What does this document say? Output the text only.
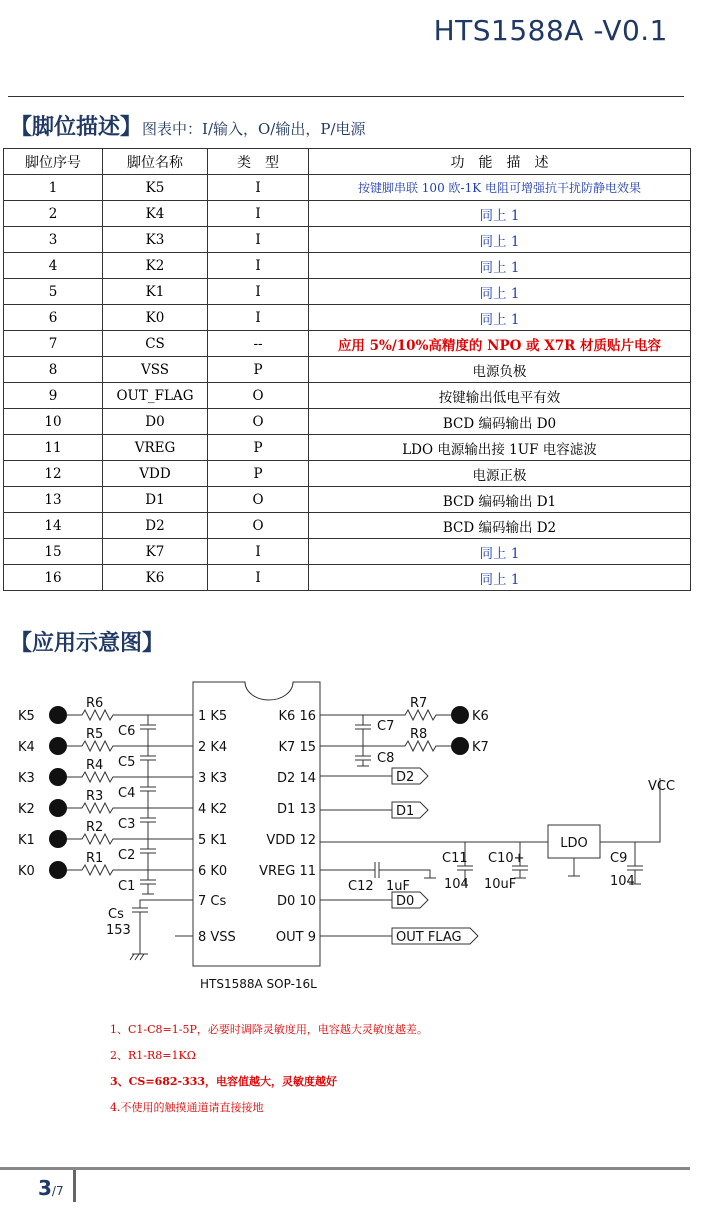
HTS1588A -V0.1
【脚位描述】图表中：I/输入，O/输出，P/电源
脚位序号	脚位名称	类　型	功　能　描　述
1	K5	I	按键脚串联 100 欧-1K 电阻可增强抗干扰防静电效果
2	K4	I	同上 1
3	K3	I	同上 1
4	K2	I	同上 1
5	K1	I	同上 1
6	K0	I	同上 1
7	CS	--	应用 5%/10%高精度的 NPO 或 X7R 材质贴片电容
8	VSS	P	电源负极
9	OUT_FLAG	O	按键输出低电平有效
10	D0	O	BCD 编码输出 D0
11	VREG	P	LDO 电源输出接 1UF 电容滤波
12	VDD	P	电源正极
13	D1	O	BCD 编码输出 D1
14	D2	O	BCD 编码输出 D2
15	K7	I	同上 1
16	K6	I	同上 1
【应用示意图】
K5
R6
C6
K4
R5
C5
K3
R4
C4
K2
R3
C3
K1
R2
C2
K0
R1
C1
1 K5	K6 16
2 K4	K7 15
3 K3	D2 14
4 K2	D1 13
5 K1	VDD 12
6 K0 VREG 11
7 Cs	D0 10
8 VSS	OUT 9
K6
K7
R7
R8
C7
C8
Cs
153
HTS1588A SOP-16L
D2
D1
D0
OUT FLAG
C12 1uF
C11
104
C10+
10uF
LDO
C9
104
VCC
1、C1-C8=1-5P，必要时调降灵敏度用，电容越大灵敏度越差。
2、R1-R8=1KΩ
3、CS=682-333，电容值越大，灵敏度越好
4.不使用的触摸通道请直接接地
3/7
